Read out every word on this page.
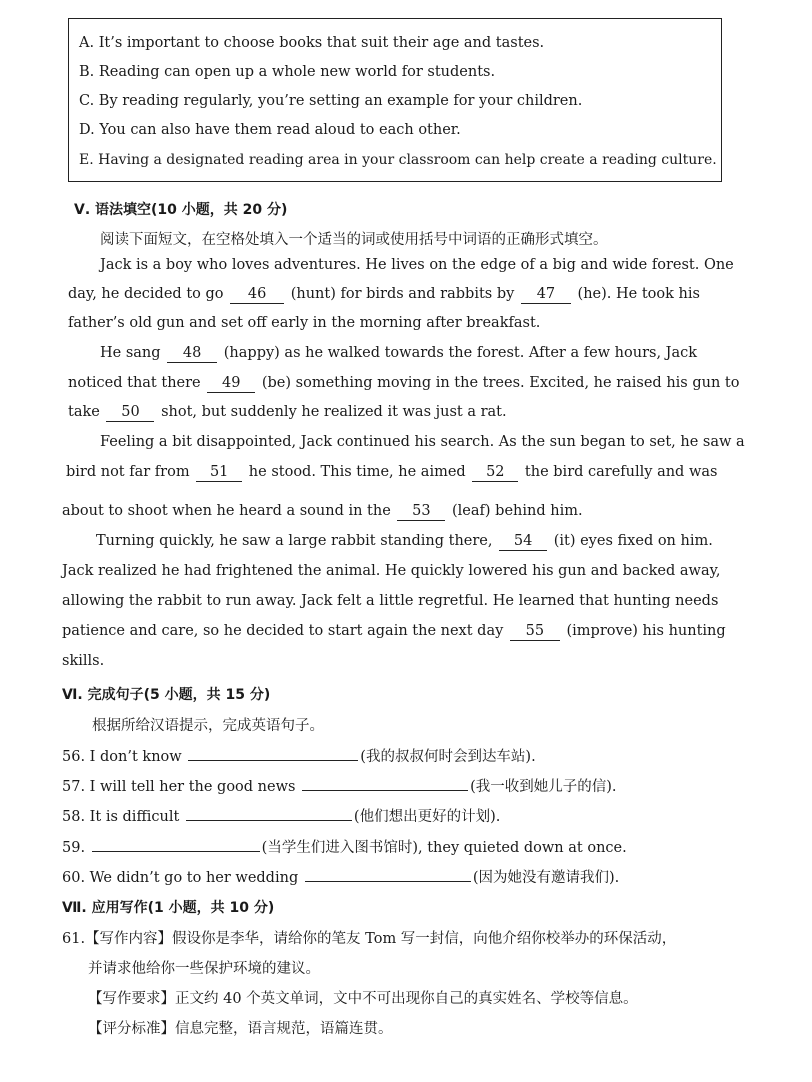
A. It’s important to choose books that suit their age and tastes.
B. Reading can open up a whole new world for students.
C. By reading regularly, you’re setting an example for your children.
D. You can also have them read aloud to each other.
E. Having a designated reading area in your classroom can help create a reading culture.
Ⅴ. 语法填空(10 小题，共 20 分)
阅读下面短文，在空格处填入一个适当的词或使用括号中词语的正确形式填空。
Jack is a boy who loves adventures. He lives on the edge of a big and wide forest. One
day, he decided to go 46 (hunt) for birds and rabbits by 47 (he). He took his
father’s old gun and set off early in the morning after breakfast.
He sang 48 (happy) as he walked towards the forest. After a few hours, Jack
noticed that there 49 (be) something moving in the trees. Excited, he raised his gun to
take 50 shot, but suddenly he realized it was just a rat.
Feeling a bit disappointed, Jack continued his search. As the sun began to set, he saw a
bird not far from 51 he stood. This time, he aimed 52 the bird carefully and was
about to shoot when he heard a sound in the 53 (leaf) behind him.
Turning quickly, he saw a large rabbit standing there, 54 (it) eyes fixed on him.
Jack realized he had frightened the animal. He quickly lowered his gun and backed away,
allowing the rabbit to run away. Jack felt a little regretful. He learned that hunting needs
patience and care, so he decided to start again the next day 55 (improve) his hunting
skills.
Ⅵ. 完成句子(5 小题，共 15 分)
根据所给汉语提示，完成英语句子。
56. I don’t know	(我的叔叔何时会到达车站).
57. I will tell her the good news	(我一收到她儿子的信).
58. It is difficult	(他们想出更好的计划).
59.	(当学生们进入图书馆时), they quieted down at once.
60. We didn’t go to her wedding	(因为她没有邀请我们).
Ⅶ. 应用写作(1 小题，共 10 分)
61.【写作内容】假设你是李华，请给你的笔友 Tom 写一封信，向他介绍你校举办的环保活动，
并请求他给你一些保护环境的建议。
【写作要求】正文约 40 个英文单词，文中不可出现你自己的真实姓名、学校等信息。
【评分标准】信息完整，语言规范，语篇连贯。
